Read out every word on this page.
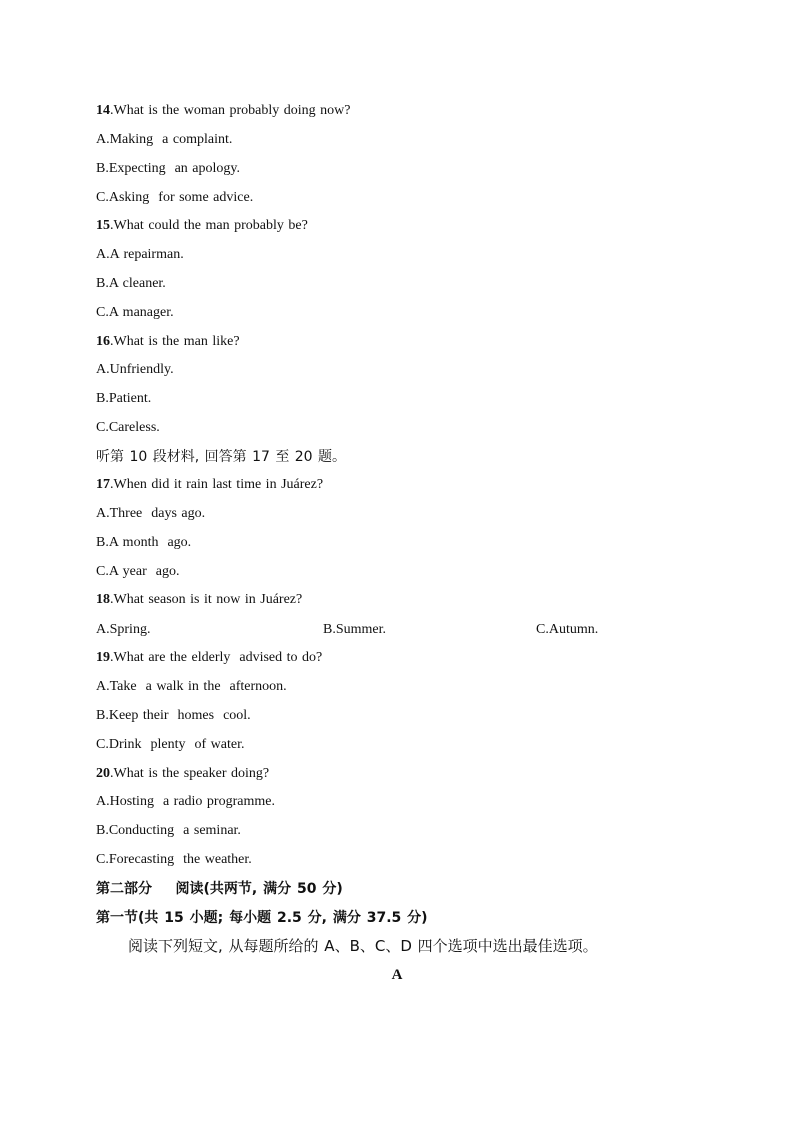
14.What is the woman probably doing now?
A.Making  a complaint.
B.Expecting  an apology.
C.Asking  for some advice.
15.What could the man probably be?
A.A repairman.
B.A cleaner.
C.A manager.
16.What is the man like?
A.Unfriendly.
B.Patient.
C.Careless.
听第 10 段材料, 回答第 17 至 20 题。
17.When did it rain last time in Juárez?
A.Three  days ago.
B.A month  ago.
C.A year  ago.
18.What season is it now in Juárez?
A.Spring.	B.Summer.	C.Autumn.
19.What are the elderly  advised to do?
A.Take  a walk in the  afternoon.
B.Keep their  homes  cool.
C.Drink  plenty  of water.
20.What is the speaker doing?
A.Hosting  a radio programme.
B.Conducting  a seminar.
C.Forecasting  the weather.
第二部分    阅读(共两节, 满分 50 分)
第一节(共 15 小题; 每小题 2.5 分, 满分 37.5 分)
阅读下列短文, 从每题所给的 A、B、C、D 四个选项中选出最佳选项。
A
